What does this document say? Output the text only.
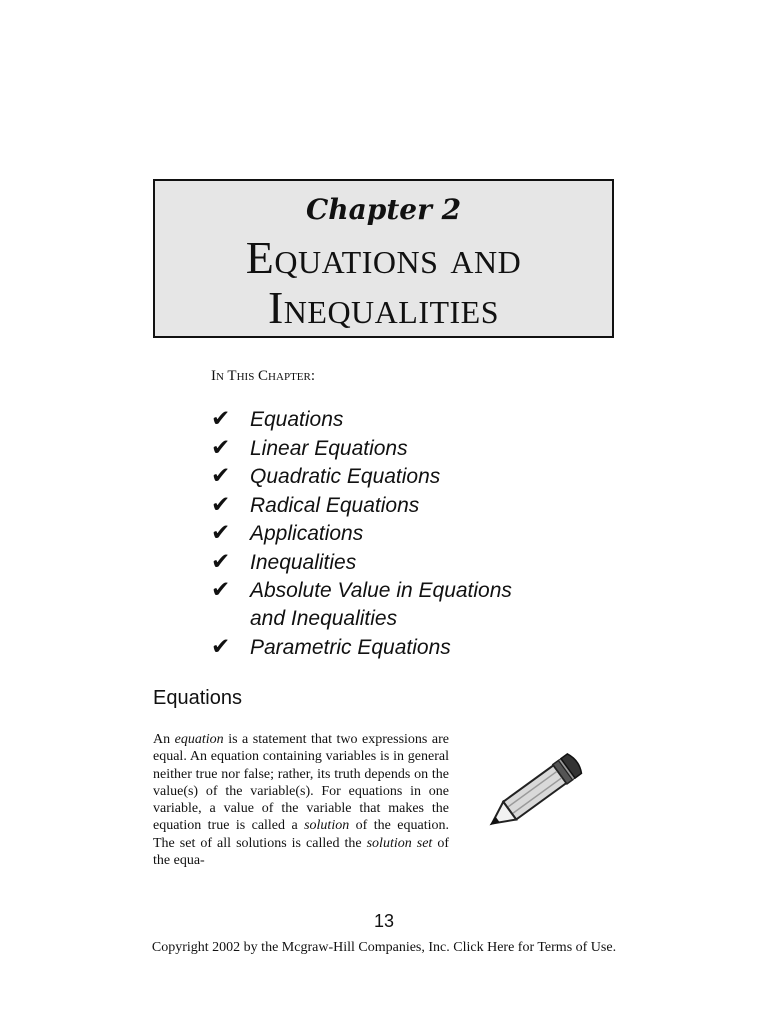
Chapter 2
Equations and
Inequalities
In This Chapter:
✔ Equations
✔ Linear Equations
✔ Quadratic Equations
✔ Radical Equations
✔ Applications
✔ Inequalities
✔ Absolute Value in Equations
and Inequalities
✔ Parametric Equations
Equations

An equation is a statement that two expressions are equal. An equation containing variables is in general neither true nor false; rather, its truth depends on the value(s) of the variable(s). For equations in one variable, a value of the variable that makes the equation true is called a solution of the equation. The set of all solutions is called the solution set of the equa-

13
Copyright 2002 by the Mcgraw-Hill Companies, Inc. Click Here for Terms of Use.
